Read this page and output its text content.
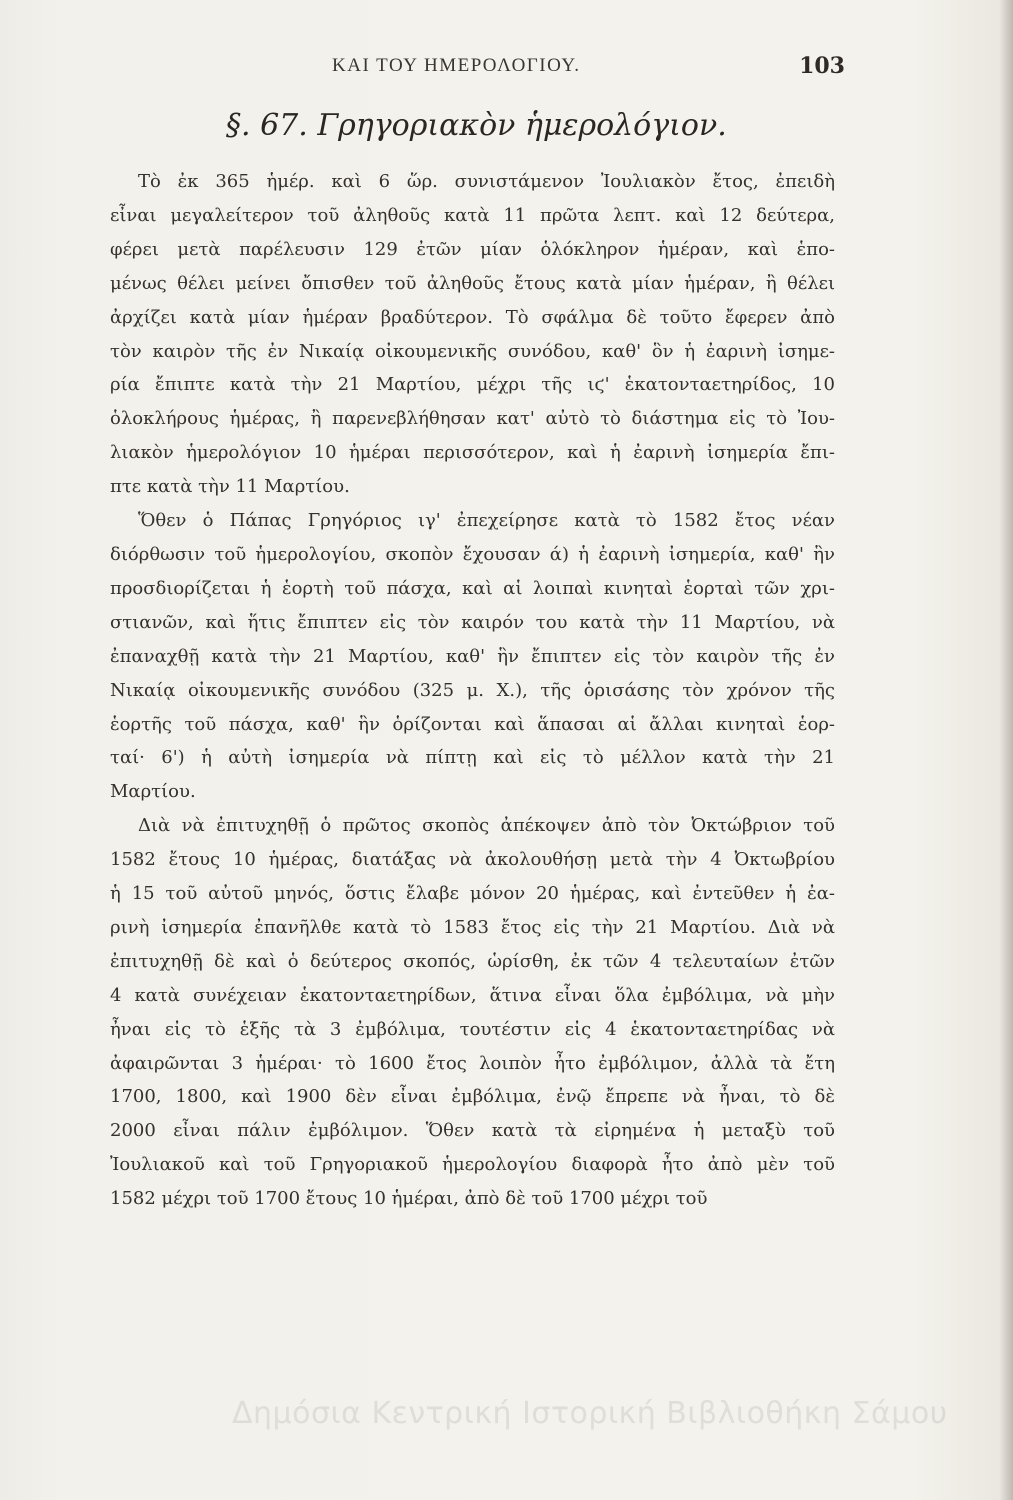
ΚΑΙ ΤΟΥ ΗΜΕΡΟΛΟΓΙΟΥ.	103
§. 67. Γρηγοριακὸν ἡμερολόγιον.

Τὸ ἐκ 365 ἡμέρ. καὶ 6 ὥρ. συνιστάμενον Ἰουλιακὸν ἔτος, ἐπειδὴ
εἶναι μεγαλείτερον τοῦ ἀληθοῦς κατὰ 11 πρῶτα λεπτ. καὶ 12 δεύτερα,
φέρει μετὰ παρέλευσιν 129 ἐτῶν μίαν ὁλόκληρον ἡμέραν, καὶ ἑπο-
μένως θέλει μείνει ὄπισθεν τοῦ ἀληθοῦς ἔτους κατὰ μίαν ἡμέραν, ἢ θέλει
ἀρχίζει κατὰ μίαν ἡμέραν βραδύτερον. Τὸ σφάλμα δὲ τοῦτο ἔφερεν ἀπὸ
τὸν καιρὸν τῆς ἐν Νικαίᾳ οἰκουμενικῆς συνόδου, καθ' ὃν ἡ ἐαρινὴ ἰσημε-
ρία ἔπιπτε κατὰ τὴν 21 Μαρτίου, μέχρι τῆς ιϛ' ἑκατονταετηρίδος, 10
ὁλοκλήρους ἡμέρας, ἢ παρενεβλήθησαν κατ' αὐτὸ τὸ διάστημα εἰς τὸ Ἰου-
λιακὸν ἡμερολόγιον 10 ἡμέραι περισσότερον, καὶ ἡ ἐαρινὴ ἰσημερία ἔπι-
πτε κατὰ τὴν 11 Μαρτίου.

Ὅθεν ὁ Πάπας Γρηγόριος ιγ' ἐπεχείρησε κατὰ τὸ 1582 ἔτος νέαν
διόρθωσιν τοῦ ἡμερολογίου, σκοπὸν ἔχουσαν ά) ἡ ἐαρινὴ ἰσημερία, καθ' ἣν
προσδιορίζεται ἡ ἑορτὴ τοῦ πάσχα, καὶ αἱ λοιπαὶ κινηταὶ ἑορταὶ τῶν χρι-
στιανῶν, καὶ ἥτις ἔπιπτεν εἰς τὸν καιρόν του κατὰ τὴν 11 Μαρτίου, νὰ
ἐπαναχθῇ κατὰ τὴν 21 Μαρτίου, καθ' ἣν ἔπιπτεν εἰς τὸν καιρὸν τῆς ἐν
Νικαίᾳ οἰκουμενικῆς συνόδου (325 μ. Χ.), τῆς ὁρισάσης τὸν χρόνον τῆς
ἑορτῆς τοῦ πάσχα, καθ' ἣν ὁρίζονται καὶ ἅπασαι αἱ ἄλλαι κινηταὶ ἑορ-
ταί· 6') ἡ αὐτὴ ἰσημερία νὰ πίπτῃ καὶ εἰς τὸ μέλλον κατὰ τὴν 21
Μαρτίου.

Διὰ νὰ ἐπιτυχηθῇ ὁ πρῶτος σκοπὸς ἀπέκοψεν ἀπὸ τὸν Ὀκτώβριον τοῦ
1582 ἔτους 10 ἡμέρας, διατάξας νὰ ἀκολουθήσῃ μετὰ τὴν 4 Ὀκτωβρίου
ἡ 15 τοῦ αὐτοῦ μηνός, ὅστις ἔλαβε μόνον 20 ἡμέρας, καὶ ἐντεῦθεν ἡ ἐα-
ρινὴ ἰσημερία ἐπανῆλθε κατὰ τὸ 1583 ἔτος εἰς τὴν 21 Μαρτίου. Διὰ νὰ
ἐπιτυχηθῇ δὲ καὶ ὁ δεύτερος σκοπός, ὡρίσθη, ἐκ τῶν 4 τελευταίων ἐτῶν
4 κατὰ συνέχειαν ἑκατονταετηρίδων, ἅτινα εἶναι ὅλα ἐμβόλιμα, νὰ μὴν
ἦναι εἰς τὸ ἑξῆς τὰ 3 ἐμβόλιμα, τουτέστιν εἰς 4 ἑκατονταετηρίδας νὰ
ἀφαιρῶνται 3 ἡμέραι· τὸ 1600 ἔτος λοιπὸν ἦτο ἐμβόλιμον, ἀλλὰ τὰ ἔτη
1700, 1800, καὶ 1900 δὲν εἶναι ἐμβόλιμα, ἐνῷ ἔπρεπε νὰ ἦναι, τὸ δὲ
2000 εἶναι πάλιν ἐμβόλιμον. Ὅθεν κατὰ τὰ εἰρημένα ἡ μεταξὺ τοῦ
Ἰουλιακοῦ καὶ τοῦ Γρηγοριακοῦ ἡμερολογίου διαφορὰ ἦτο ἀπὸ μὲν τοῦ
1582 μέχρι τοῦ 1700 ἔτους 10 ἡμέραι, ἀπὸ δὲ τοῦ 1700 μέχρι τοῦ

Δημόσια Κεντρική Ιστορική Βιβλιοθήκη Σάμου
